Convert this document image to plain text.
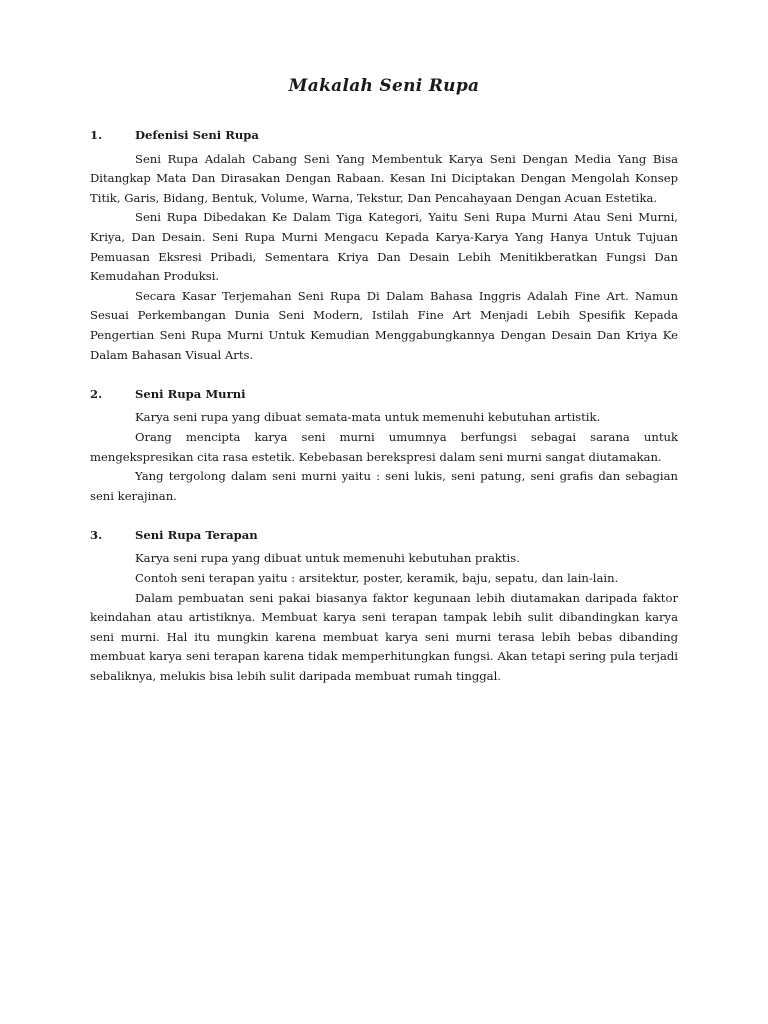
Makalah Seni Rupa
1.	Defenisi Seni Rupa

Seni Rupa Adalah Cabang Seni Yang Membentuk Karya Seni Dengan Media Yang Bisa Ditangkap Mata Dan Dirasakan Dengan Rabaan. Kesan Ini Diciptakan Dengan Mengolah Konsep Titik, Garis, Bidang, Bentuk, Volume, Warna, Tekstur, Dan Pencahayaan Dengan Acuan Estetika.

Seni Rupa Dibedakan Ke Dalam Tiga Kategori, Yaitu Seni Rupa Murni Atau Seni Murni, Kriya, Dan Desain. Seni Rupa Murni Mengacu Kepada Karya-Karya Yang Hanya Untuk Tujuan Pemuasan Eksresi Pribadi, Sementara Kriya Dan Desain Lebih Menitikberatkan Fungsi Dan Kemudahan Produksi.

Secara Kasar Terjemahan Seni Rupa Di Dalam Bahasa Inggris Adalah Fine Art. Namun Sesuai Perkembangan Dunia Seni Modern, Istilah Fine Art Menjadi Lebih Spesifik Kepada Pengertian Seni Rupa Murni Untuk Kemudian Menggabungkannya Dengan Desain Dan Kriya Ke Dalam Bahasan Visual Arts.

2.	Seni Rupa Murni

Karya seni rupa yang dibuat semata-mata untuk memenuhi kebutuhan artistik.

Orang mencipta karya seni murni umumnya berfungsi sebagai sarana untuk mengekspresikan cita rasa estetik. Kebebasan berekspresi dalam seni murni sangat diutamakan.

Yang tergolong dalam seni murni yaitu : seni lukis, seni patung, seni grafis dan sebagian seni kerajinan.

3.	Seni Rupa Terapan

Karya seni rupa yang dibuat untuk memenuhi kebutuhan praktis.

Contoh seni terapan yaitu : arsitektur, poster, keramik, baju, sepatu, dan lain-lain.

Dalam pembuatan seni pakai biasanya faktor kegunaan lebih diutamakan daripada faktor keindahan atau artistiknya. Membuat karya seni terapan tampak lebih sulit dibandingkan karya seni murni. Hal itu mungkin karena membuat karya seni murni terasa lebih bebas dibanding membuat karya seni terapan karena tidak memperhitungkan fungsi. Akan tetapi sering pula terjadi sebaliknya, melukis bisa lebih sulit daripada membuat rumah tinggal.
